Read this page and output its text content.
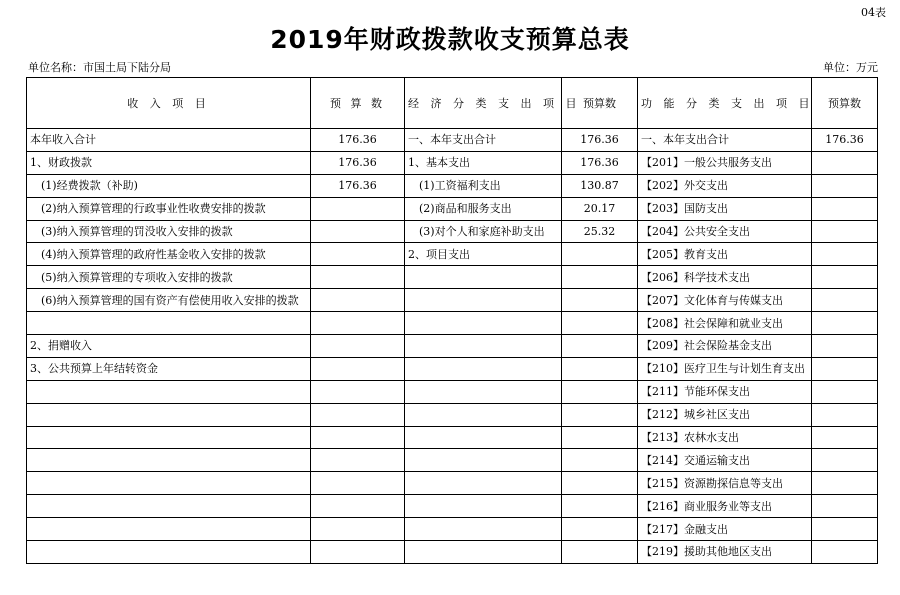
04表
2019年财政拨款收支预算总表
单位名称：市国土局下陆分局	单位：万元
收 入 项 目	预 算 数	经 济 分 类 支 出 项 目	预算数	功 能 分 类 支 出 项 目	预算数
本年收入合计	176.36	一、本年支出合计	176.36	一、本年支出合计	176.36
1、财政拨款	176.36	1、基本支出	176.36	【201】一般公共服务支出	
(1)经费拨款（补助)	176.36	(1)工资福利支出	130.87	【202】外交支出	
(2)纳入预算管理的行政事业性收费安排的拨款		(2)商品和服务支出	20.17	【203】国防支出	
(3)纳入预算管理的罚没收入安排的拨款		(3)对个人和家庭补助支出	25.32	【204】公共安全支出	
(4)纳入预算管理的政府性基金收入安排的拨款		2、项目支出		【205】教育支出	
(5)纳入预算管理的专项收入安排的拨款				【206】科学技术支出	
(6)纳入预算管理的国有资产有偿使用收入安排的拨款				【207】文化体育与传媒支出	
				【208】社会保障和就业支出	
2、捐赠收入				【209】社会保险基金支出	
3、公共预算上年结转资金				【210】医疗卫生与计划生育支出	
				【211】节能环保支出	
				【212】城乡社区支出	
				【213】农林水支出	
				【214】交通运输支出	
				【215】资源勘探信息等支出	
				【216】商业服务业等支出	
				【217】金融支出	
				【219】援助其他地区支出	
